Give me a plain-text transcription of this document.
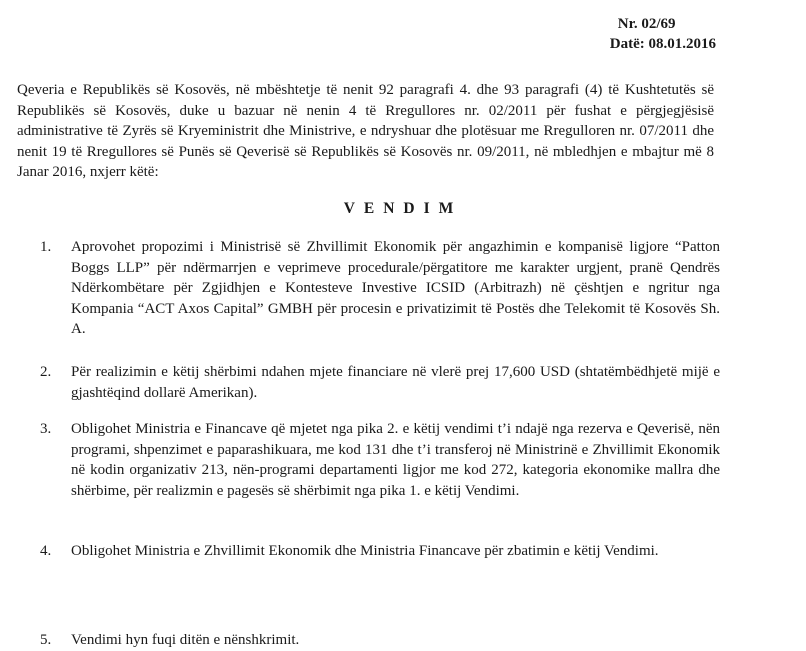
Nr. 02/69
Datë: 08.01.2016
Qeveria e Republikës së Kosovës, në mbështetje të nenit 92 paragrafi 4. dhe 93 paragrafi (4) të Kushtetutës së Republikës së Kosovës, duke u bazuar në nenin 4 të Rregullores nr. 02/2011 për fushat e përgjegjësisë administrative të Zyrës së Kryeministrit dhe Ministrive, e ndryshuar dhe plotësuar me Rregulloren nr. 07/2011 dhe nenit 19 të Rregullores së Punës së Qeverisë së Republikës së Kosovës nr. 09/2011, në mbledhjen e mbajtur më 8 Janar 2016, nxjerr këtë:
VENDIM
1.	Aprovohet propozimi i Ministrisë së Zhvillimit Ekonomik për angazhimin e kompanisë ligjore “Patton Boggs LLP” për ndërmarrjen e veprimeve procedurale/përgatitore me karakter urgjent, pranë Qendrës Ndërkombëtare për Zgjidhjen e Kontesteve Investive ICSID (Arbitrazh) në çështjen e ngritur nga Kompania “ACT Axos Capital” GMBH për procesin e privatizimit të Postës dhe Telekomit të Kosovës Sh. A.
2.	Për realizimin e këtij shërbimi ndahen mjete financiare në vlerë prej 17,600 USD (shtatëmbëdhjetë mijë e gjashtëqind dollarë Amerikan).
3.	Obligohet Ministria e Financave që mjetet nga pika 2. e këtij vendimi t’i ndajë nga rezerva e Qeverisë, nën programi, shpenzimet e paparashikuara, me kod 131 dhe t’i transferoj në Ministrinë e Zhvillimit Ekonomik në kodin organizativ 213, nën-programi departamenti ligjor me kod 272, kategoria ekonomike mallra dhe shërbime, për realizmin e pagesës së shërbimit nga pika 1. e këtij Vendimi.
4.	Obligohet Ministria e Zhvillimit Ekonomik dhe Ministria Financave për zbatimin e këtij Vendimi.
5.	Vendimi hyn fuqi ditën e nënshkrimit.
